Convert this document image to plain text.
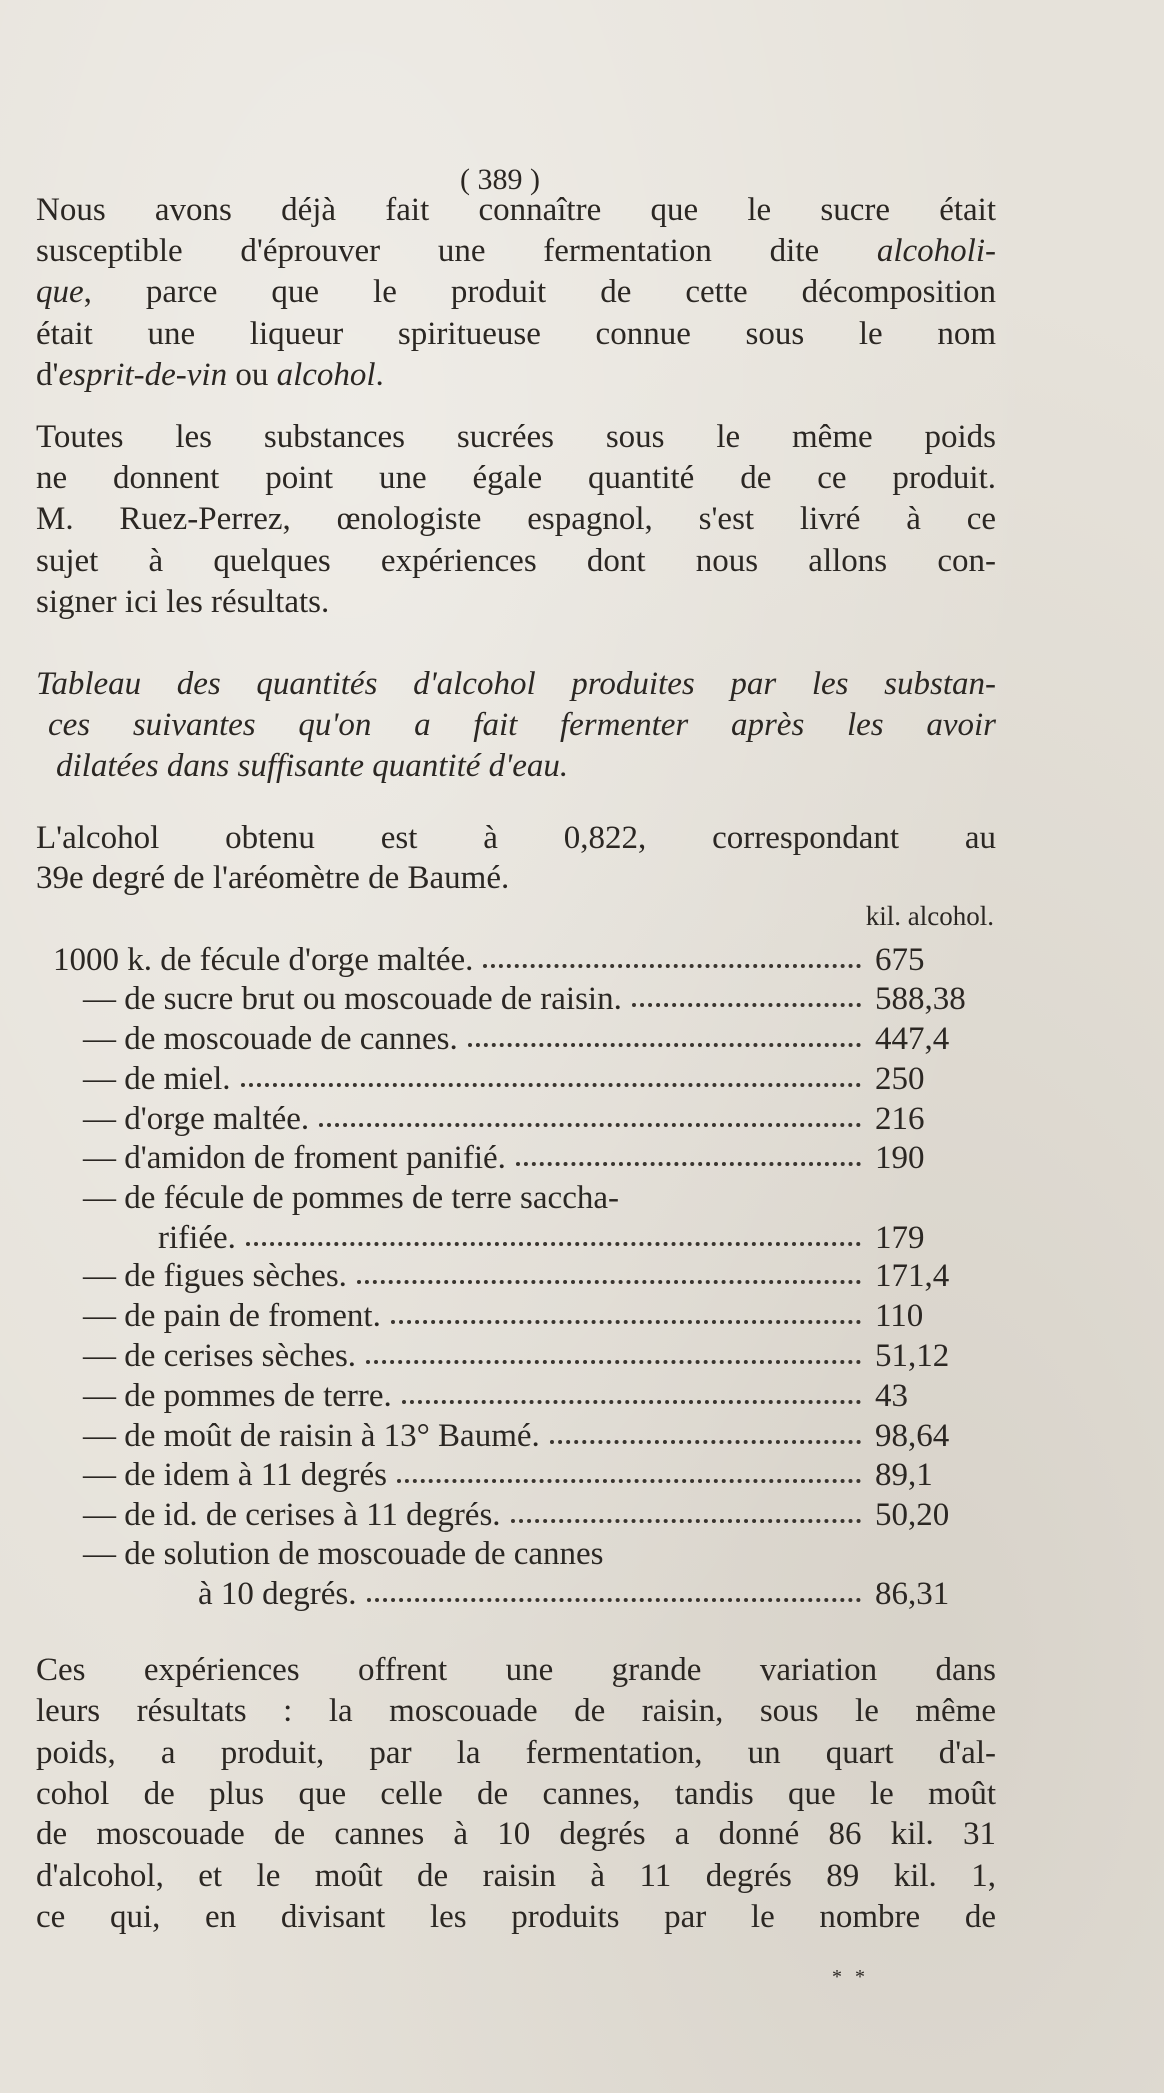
( 389 )
Nous avons déjà fait connaître que le sucre était
susceptible d'éprouver une fermentation dite alcoholi-
que, parce que le produit de cette décomposition
était une liqueur spiritueuse connue sous le nom
d'esprit-de-vin ou alcohol.
Toutes les substances sucrées sous le même poids
ne donnent point une égale quantité de ce produit.
M. Ruez-Perrez, œnologiste espagnol, s'est livré à ce
sujet à quelques expériences dont nous allons con-
signer ici les résultats.
Tableau des quantités d'alcohol produites par les substan-
ces suivantes qu'on a fait fermenter après les avoir
dilatées dans suffisante quantité d'eau.
L'alcohol obtenu est à 0,822, correspondant au
39e degré de l'aréomètre de Baumé.
kil. alcohol.
1000 k. de fécule d'orge maltée.	675
— de sucre brut ou moscouade de raisin.	588,38
— de moscouade de cannes.	447,4
— de miel.	250
— d'orge maltée.	216
— d'amidon de froment panifié.	190
— de fécule de pommes de terre saccha-
rifiée.	179
— de figues sèches.	171,4
— de pain de froment.	110
— de cerises sèches.	51,12
— de pommes de terre.	43
— de moût de raisin à 13° Baumé.	98,64
— de idem à 11 degrés	89,1
— de id. de cerises à 11 degrés.	50,20
— de solution de moscouade de cannes
à 10 degrés.	86,31
Ces expériences offrent une grande variation dans
leurs résultats : la moscouade de raisin, sous le même
poids, a produit, par la fermentation, un quart d'al-
cohol de plus que celle de cannes, tandis que le moût
de moscouade de cannes à 10 degrés a donné 86 kil. 31
d'alcohol, et le moût de raisin à 11 degrés 89 kil. 1,
ce qui, en divisant les produits par le nombre de
* *
